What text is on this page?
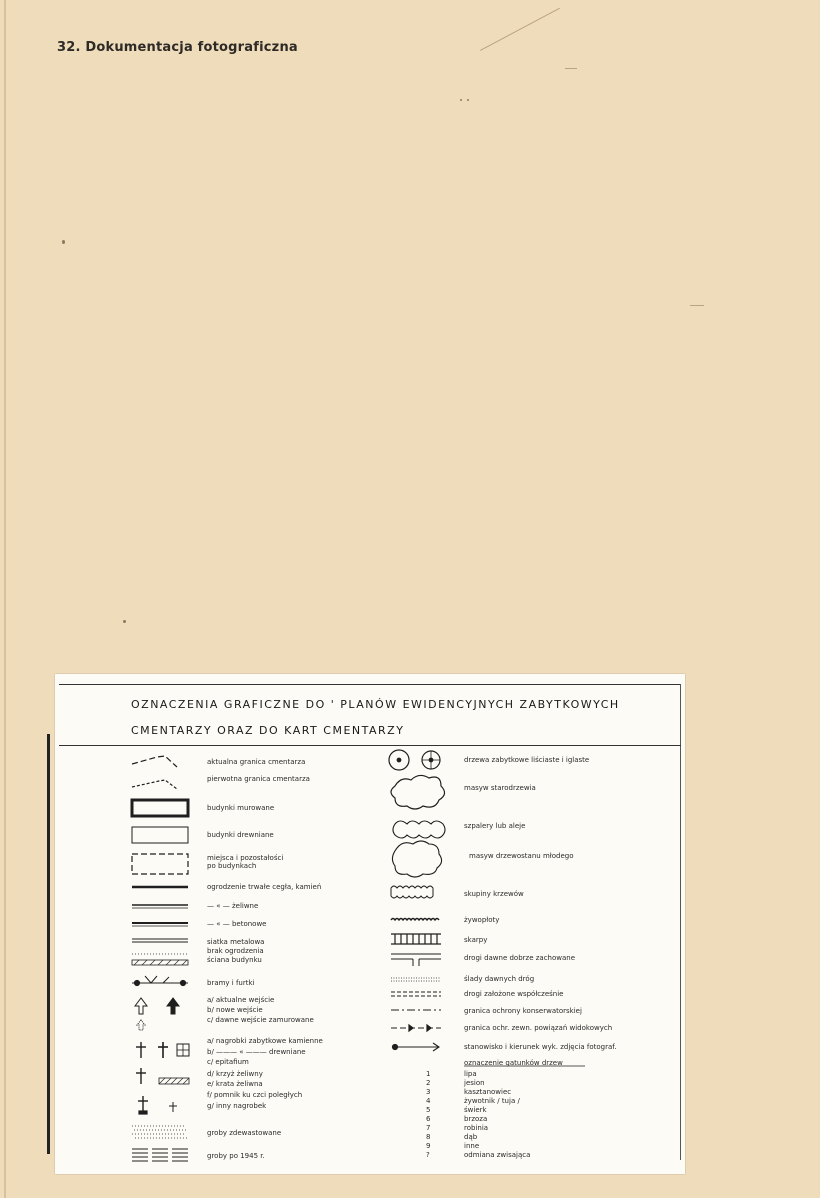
32. Dokumentacja fotograficzna
OZNACZENIA GRAFICZNE DO ' PLANÓW EWIDENCYJNYCH ZABYTKOWYCH
CMENTARZY ORAZ DO KART CMENTARZY
aktualna granica cmentarza
pierwotna granica cmentarza
budynki murowane
budynki drewniane
miejsca i pozostałości
po budynkach
ogrodzenie trwałe cegła, kamień
— « — żeliwne
— « — betonowe
siatka metalowa
brak ogrodzenia
ściana budynku
bramy i furtki
a/ aktualne wejście
b/ nowe wejście
c/ dawne wejście zamurowane
a/ nagrobki zabytkowe kamienne
b/ ——— « ——— drewniane
c/ epitafium
d/ krzyż żeliwny
e/ krata żeliwna
f/ pomnik ku czci poległych
g/ inny nagrobek
groby zdewastowane
groby po 1945 r.
drzewa zabytkowe liściaste i iglaste
masyw starodrzewia
szpalery lub aleje
masyw drzewostanu młodego
skupiny krzewów
żywopłoty
skarpy
drogi dawne dobrze zachowane
ślady dawnych dróg
drogi założone współcześnie
granica ochrony konserwatorskiej
granica ochr. zewn. powiązań widokowych
stanowisko i kierunek wyk. zdjęcia fotograf.
oznaczenie gatunków drzew
1	lipa
2	jesion
3	kasztanowiec
4	żywotnik / tuja /
5	świerk
6	brzoza
7	robinia
8	dąb
9	inne
?	odmiana zwisająca
